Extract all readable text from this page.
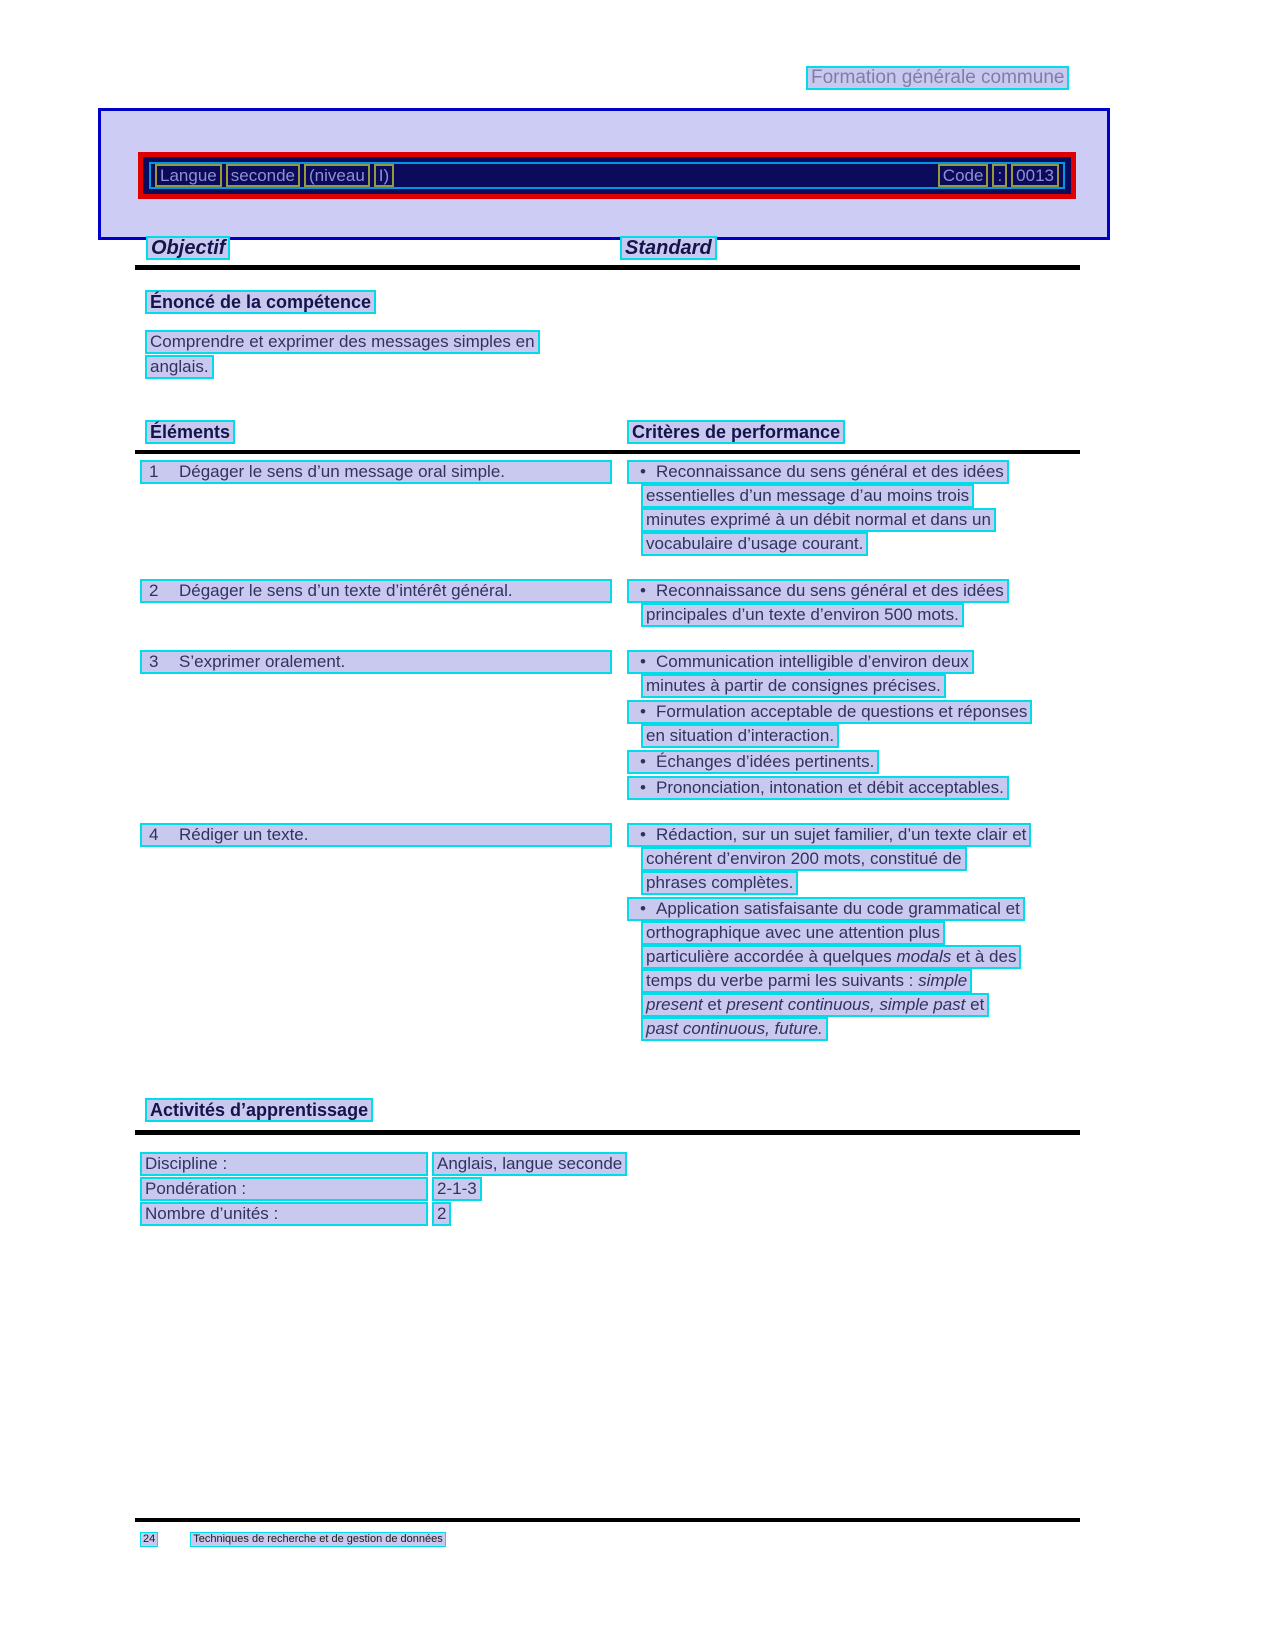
Formation générale commune
Langue seconde (niveau I)	Code : 0013
Objectif	Standard
Énoncé de la compétence
Comprendre et exprimer des messages simples en
anglais.
Éléments	Critères de performance
1 Dégager le sens d’un message oral simple.	• Reconnaissance du sens général et des idées
essentielles d’un message d’au moins trois
minutes exprimé à un débit normal et dans un
vocabulaire d’usage courant.
2 Dégager le sens d’un texte d’intérêt général.	• Reconnaissance du sens général et des idées
principales d’un texte d’environ 500 mots.
3 S’exprimer oralement.	• Communication intelligible d’environ deux
minutes à partir de consignes précises.
• Formulation acceptable de questions et réponses
en situation d’interaction.
• Échanges d’idées pertinents.
• Prononciation, intonation et débit acceptables.
4 Rédiger un texte.	• Rédaction, sur un sujet familier, d’un texte clair et
cohérent d’environ 200 mots, constitué de
phrases complètes.
• Application satisfaisante du code grammatical et
orthographique avec une attention plus
particulière accordée à quelques modals et à des
temps du verbe parmi les suivants : simple
present et present continuous, simple past et
past continuous, future.
Activités d’apprentissage
Discipline :	Anglais, langue seconde
Pondération :	2-1-3
Nombre d’unités :	2
24	Techniques de recherche et de gestion de données
